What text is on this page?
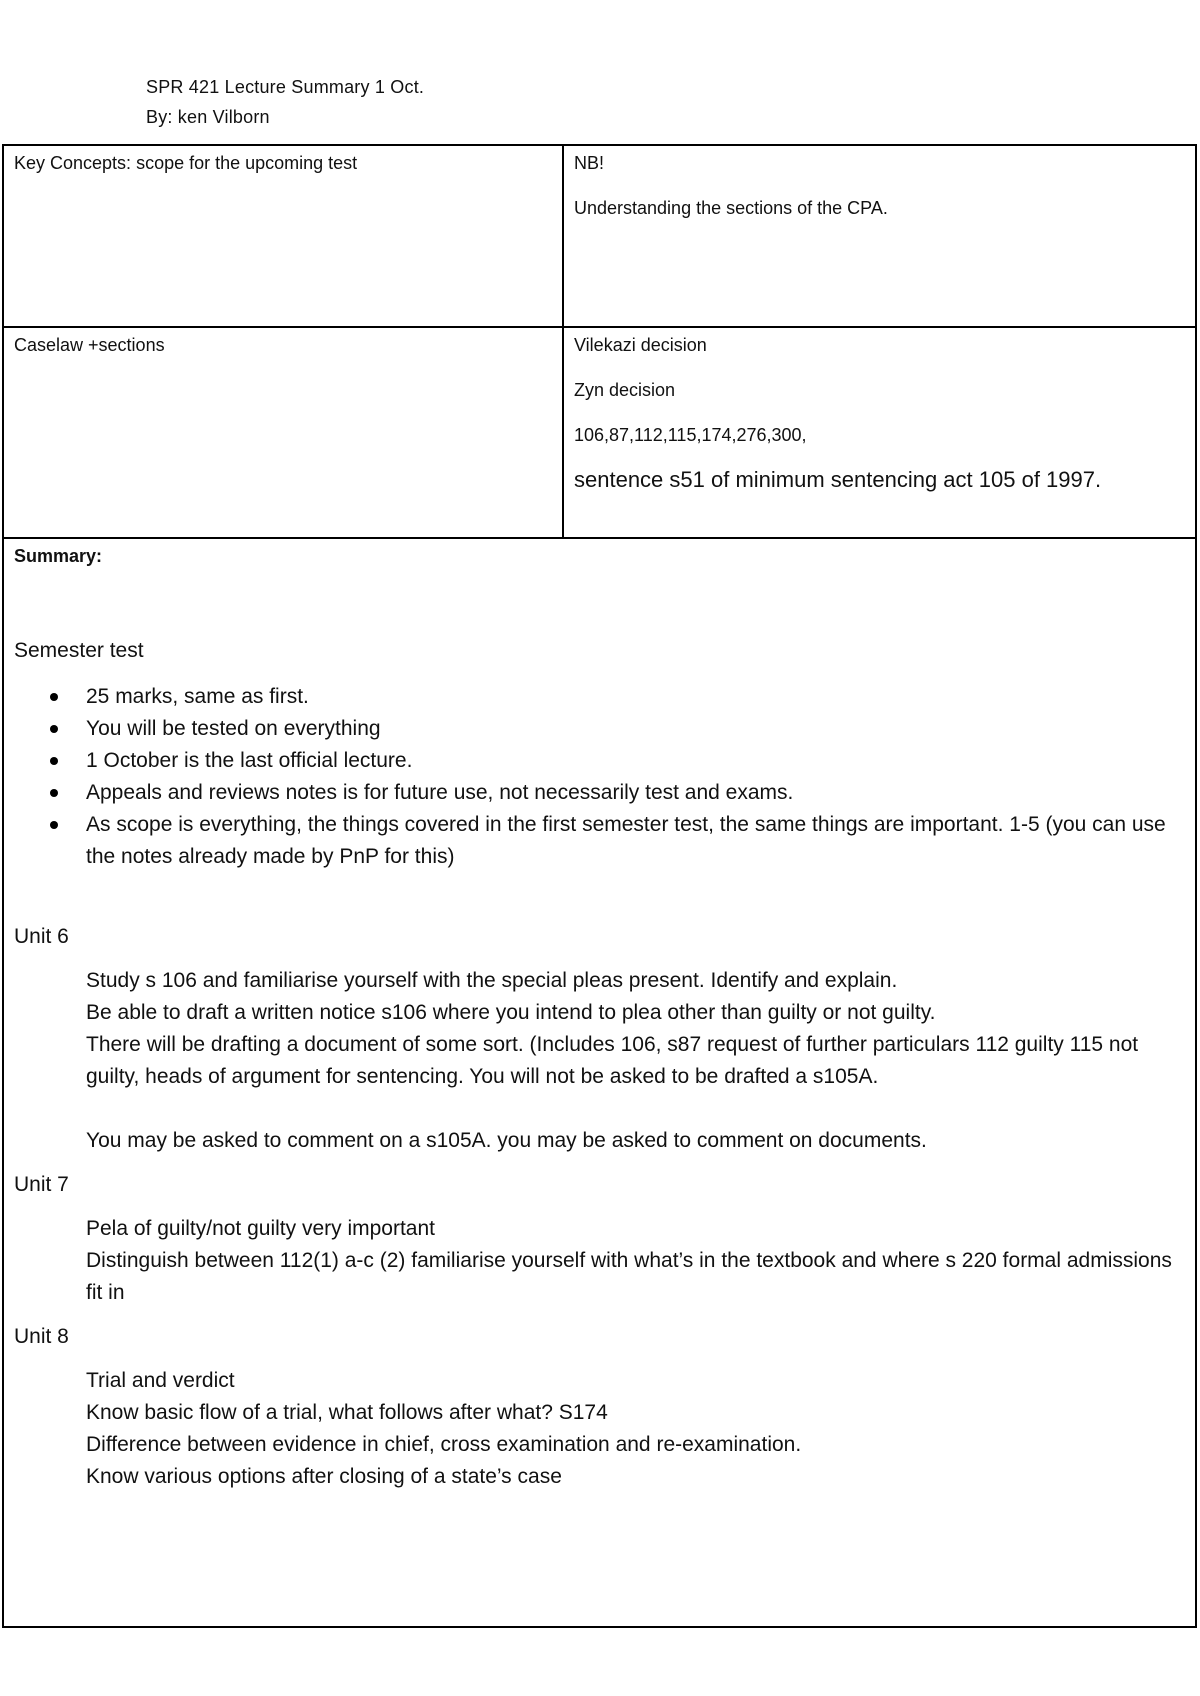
SPR 421 Lecture Summary 1 Oct.
By: ken Vilborn
Key Concepts: scope for the upcoming test	NB!

Understanding the sections of the CPA.

Caselaw +sections	Vilekazi decision

Zyn decision

106,87,112,115,174,276,300,

sentence s51 of minimum sentencing act 105 of 1997.

Summary:
Semester test
25 marks, same as first.
You will be tested on everything
1 October is the last official lecture.
Appeals and reviews notes is for future use, not necessarily test and exams.
As scope is everything, the things covered in the first semester test, the same things are important. 1-5 (you can use the notes already made by PnP for this)
Unit 6
Study s 106 and familiarise yourself with the special pleas present. Identify and explain.
Be able to draft a written notice s106 where you intend to plea other than guilty or not guilty.
There will be drafting a document of some sort. (Includes 106, s87 request of further particulars 112 guilty 115 not guilty, heads of argument for sentencing. You will not be asked to be drafted a s105A.
You may be asked to comment on a s105A. you may be asked to comment on documents.
Unit 7
Pela of guilty/not guilty very important
Distinguish between 112(1) a-c (2) familiarise yourself with what’s in the textbook and where s 220 formal admissions fit in
Unit 8
Trial and verdict
Know basic flow of a trial, what follows after what? S174
Difference between evidence in chief, cross examination and re-examination.
Know various options after closing of a state’s case
